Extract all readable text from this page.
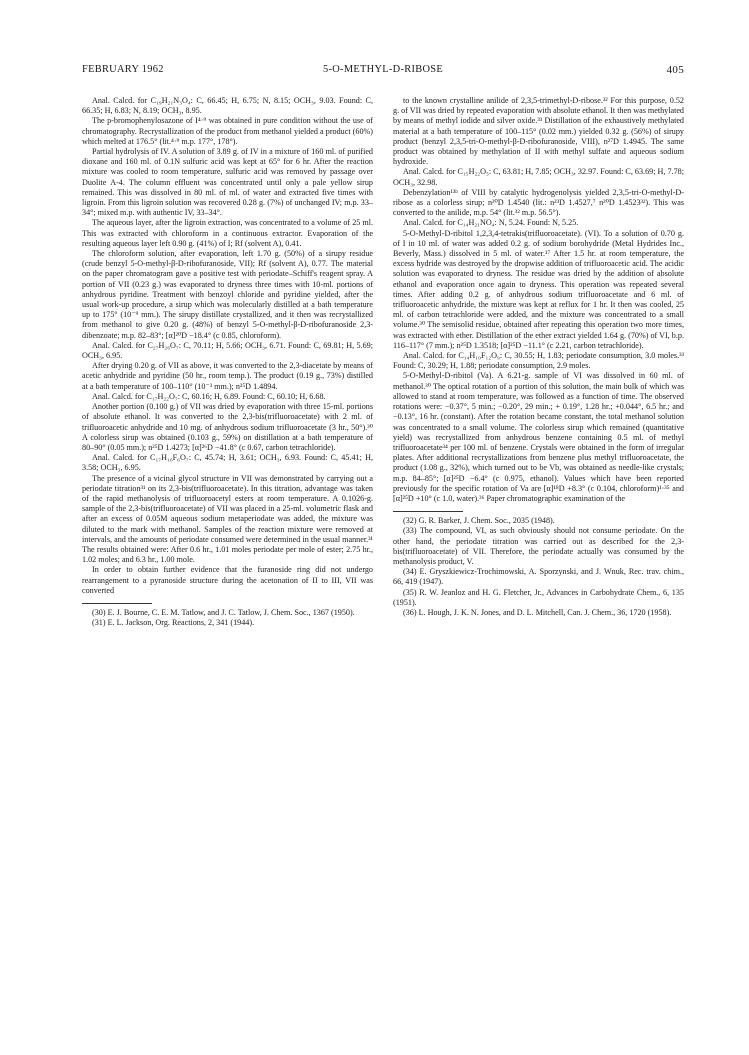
FEBRUARY 1962	5-O-METHYL-D-RIBOSE	405

Anal. Calcd. for C₁₉H₂₁N₃O₄: C, 66.45; H, 6.75; N, 8.15; OCH₃, 9.03. Found: C, 66.35; H, 6.83; N, 8.19; OCH₃, 8.95.

The p-bromophenylosazone of I⁴·⁹ was obtained in pure condition without the use of chromatography. Recrystallization of the product from methanol yielded a product (60%) which melted at 176.5° (lit.⁴·⁹ m.p. 177°, 178°).

Partial hydrolysis of IV. A solution of 3.89 g. of IV in a mixture of 160 ml. of purified dioxane and 160 ml. of 0.1N sulfuric acid was kept at 65° for 6 hr. After the reaction mixture was cooled to room temperature, sulfuric acid was removed by passage over Duolite A-4. The column effluent was concentrated until only a pale yellow sirup remained. This was dissolved in 80 ml. of ml. of water and extracted five times with ligroin. From this ligroin solution was recovered 0.28 g. (7%) of unchanged IV; m.p. 33–34°; mixed m.p. with authentic IV, 33–34°.

The aqueous layer, after the ligroin extraction, was concentrated to a volume of 25 ml. This was extracted with chloroform in a continuous extractor. Evaporation of the resulting aqueous layer left 0.90 g. (41%) of I; Rf (solvent A), 0.41.

The chloroform solution, after evaporation, left 1.70 g. (50%) of a sirupy residue (crude benzyl 5-O-methyl-β-D-ribofuranoside, VII); Rf (solvent A), 0.77. The material on the paper chromatogram gave a positive test with periodate–Schiff's reagent spray. A portion of VII (0.23 g.) was evaporated to dryness three times with 10-ml. portions of anhydrous pyridine. Treatment with benzoyl chloride and pyridine yielded, after the usual work-up procedure, a sirup which was molecularly distilled at a bath temperature up to 175° (10⁻⁹ mm.). The sirupy distillate crystallized, and it then was recrystallized from methanol to give 0.20 g. (48%) of benzyl 5-O-methyl-β-D-ribofuranoside 2,3-dibenzoate; m.p. 82–83°; [α]²⁰D −18.4° (c 0.85, chloroform).

Anal. Calcd. for C₂₇H₂₆O₇: C, 70.11; H, 5.66; OCH₃, 6.71. Found: C, 69.81; H, 5.69; OCH₃, 6.95.

After drying 0.20 g. of VII as above, it was converted to the 2,3-diacetate by means of acetic anhydride and pyridine (50 hr., room temp.). The product (0.19 g., 73%) distilled at a bath temperature of 100–110° (10⁻³ mm.); n²⁵D 1.4894.

Anal. Calcd. for C₁₇H₂₂O₇: C, 60.16; H, 6.89. Found: C, 60.10; H, 6.68.

Another portion (0.100 g.) of VII was dried by evaporation with three 15-ml. portions of absolute ethanol. It was converted to the 2,3-bis(trifluoroacetate) with 2 ml. of trifluoroacetic anhydride and 10 mg. of anhydrous sodium trifluoroacetate (3 hr., 50°).³⁰ A colorless sirup was obtained (0.103 g., 59%) on distillation at a bath temperature of 80–90° (0.05 mm.); n²⁵D 1.4273; [α]²⁶D −41.8° (c 0.67, carbon tetrachloride).

Anal. Calcd. for C₁₇H₁₆F₆O₇: C, 45.74; H, 3.61; OCH₃, 6.93. Found: C, 45.41; H, 3.58; OCH₃, 6.95.

The presence of a vicinal glycol structure in VII was demonstrated by carrying out a periodate titration³¹ on its 2,3-bis(trifluoroacetate). In this titration, advantage was taken of the rapid methanolysis of trifluoroacetyl esters at room temperature. A 0.1026-g. sample of the 2,3-bis(trifluoroacetate) of VII was placed in a 25-ml. volumetric flask and after an excess of 0.05M aqueous sodium metaperiodate was added, the mixture was diluted to the mark with methanol. Samples of the reaction mixture were removed at intervals, and the amounts of periodate consumed were determined in the usual manner.³¹ The results obtained were: After 0.6 hr., 1.01 moles periodate per mole of ester; 2.75 hr., 1.02 moles; and 6.3 hr., 1.00 mole.

In order to obtain further evidence that the furanoside ring did not undergo rearrangement to a pyranoside structure during the acetonation of II to III, VII was converted

(30) E. J. Bourne, C. E. M. Tatlow, and J. C. Tatlow, J. Chem. Soc., 1367 (1950).

(31) E. L. Jackson, Org. Reactions, 2, 341 (1944).

to the known crystalline anilide of 2,3,5-trimethyl-D-ribose.³² For this purpose, 0.52 g. of VII was dried by repeated evaporation with absolute ethanol. It then was methylated by means of methyl iodide and silver oxide.³³ Distillation of the exhaustively methylated material at a bath temperature of 100–115° (0.02 mm.) yielded 0.32 g. (56%) of sirupy product (benzyl 2,3,5-tri-O-methyl-β-D-ribofuranoside, VIII), n²⁷D 1.4945. The same product was obtained by methylation of II with methyl sulfate and aqueous sodium hydroxide.

Anal. Calcd. for C₁₅H₂₂O₅: C, 63.81; H, 7.85; OCH₃, 32.97. Found: C, 63.69; H, 7.78; OCH₃, 32.98.

Debenzylation¹³ᵇ of VIII by catalytic hydrogenolysis yielded 2,3,5-tri-O-methyl-D-ribose as a colorless sirup; n²⁰D 1.4540 (lit.: n²³D 1.4527,⁷ n²⁰D 1.4523³²). This was converted to the anilide, m.p. 54° (lit.³² m.p. 56.5°).

Anal. Calcd. for C₁₄H₂₁NO₄: N, 5.24. Found: N, 5.25.

5-O-Methyl-D-ribitol 1,2,3,4-tetrakis(trifluoroacetate). (VI). To a solution of 0.70 g. of I in 10 ml. of water was added 0.2 g. of sodium borohydride (Metal Hydrides Inc., Beverly, Mass.) dissolved in 5 ml. of water.¹⁷ After 1.5 hr. at room temperature, the excess hydride was destroyed by the dropwise addition of trifluoroacetic acid. The acidic solution was evaporated to dryness. The residue was dried by the addition of absolute ethanol and evaporation once again to dryness. This operation was repeated several times. After adding 0.2 g. of anhydrous sodium trifluoroacetate and 6 ml. of trifluoroacetic anhydride, the mixture was kept at reflux for 1 hr. It then was cooled, 25 ml. of carbon tetrachloride were added, and the mixture was concentrated to a small volume.³⁰ The semisolid residue, obtained after repeating this operation two more times, was extracted with ether. Distillation of the ether extract yielded 1.64 g. (70%) of VI, b.p. 116–117° (7 mm.); n²⁵D 1.3518; [α]²⁵D −11.1° (c 2.21, carbon tetrachloride).

Anal. Calcd. for C₁₄H₁₀F₁₂O₉: C, 30.55; H, 1.83; periodate consumption, 3.0 moles.³³ Found: C, 30.29; H, 1.88; periodate consumption, 2.9 moles.

5-O-Methyl-D-ribitol (Va). A 6.21-g. sample of VI was dissolved in 60 ml. of methanol.³⁰ The optical rotation of a portion of this solution, the main bulk of which was allowed to stand at room temperature, was followed as a function of time. The observed rotations were: −0.37°, 5 min.; −0.20°, 29 min.; + 0.19°, 1.28 hr.; +0.044°, 6.5 hr.; and −0.13°, 16 hr. (constant). After the rotation became constant, the total methanol solution was concentrated to a small volume. The colorless sirup which remained (quantitative yield) was recrystallized from anhydrous benzene containing 0.5 ml. of methyl trifluoroacetate³⁴ per 100 ml. of benzene. Crystals were obtained in the form of irregular plates. After additional recrystallizations from benzene plus methyl trifluoroacetate, the product (1.08 g., 32%), which turned out to be Vb, was obtained as needle-like crystals; m.p. 84–85°; [α]²⁵D −6.4° (c 0.975, ethanol). Values which have been reported previously for the specific rotation of Va are [α]¹⁸D +8.3° (c 0.104, chloroform)¹·³⁵ and [α]²⁵D +10° (c 1.0, water).³⁶ Paper chromatographic examination of the

(32) G. R. Barker, J. Chem. Soc., 2035 (1948).

(33) The compound, VI, as such obviously should not consume periodate. On the other hand, the periodate titration was carried out as described for the 2,3-bis(trifluoroacetate) of VII. Therefore, the periodate actually was consumed by the methanolysis product, V.

(34) E. Gryszkiewicz-Trochimowski, A. Sporzynski, and J. Wnuk, Rec. trav. chim., 66, 419 (1947).

(35) R. W. Jeanloz and H. G. Fletcher, Jr., Advances in Carbohydrate Chem., 6, 135 (1951).

(36) L. Hough, J. K. N. Jones, and D. L. Mitchell, Can. J. Chem., 36, 1720 (1958).
